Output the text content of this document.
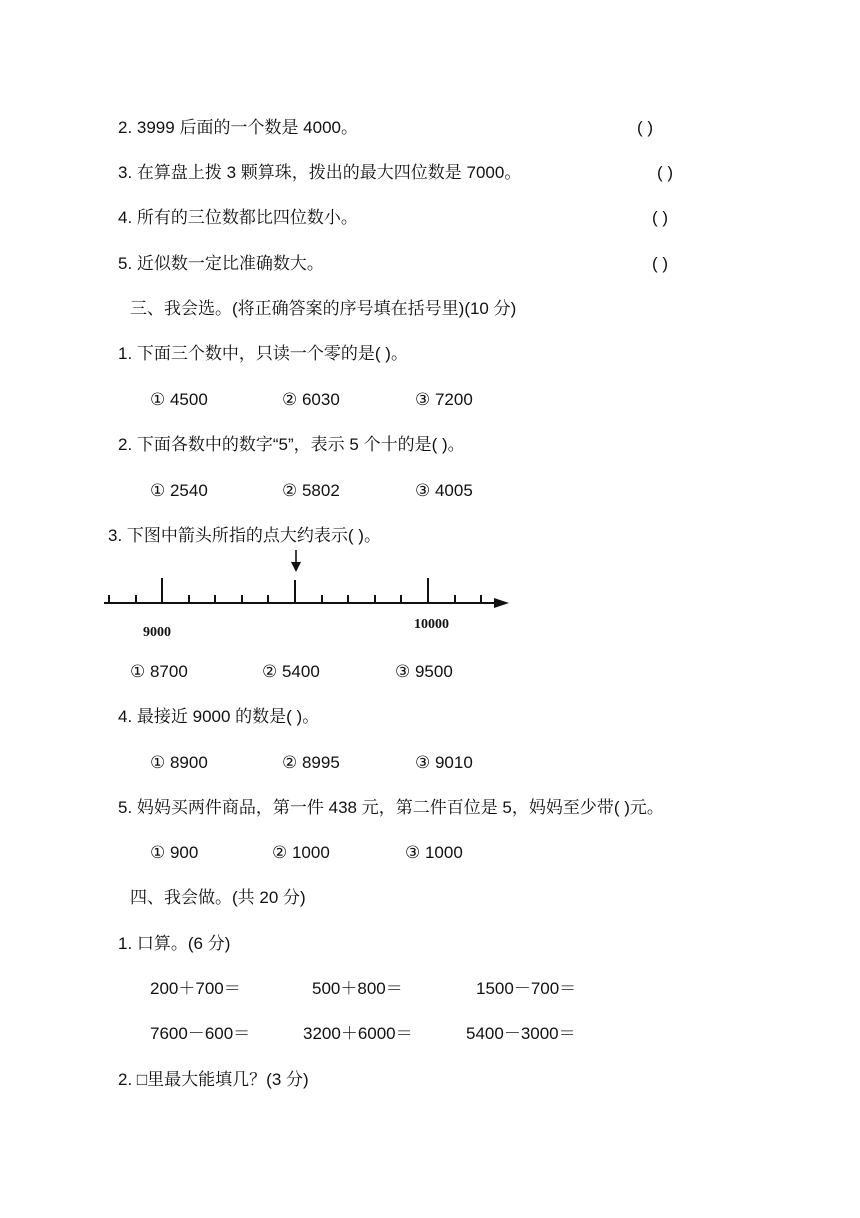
2. 3999 后面的一个数是 4000。	( )
3. 在算盘上拨 3 颗算珠，拨出的最大四位数是 7000。	( )
4. 所有的三位数都比四位数小。	( )
5. 近似数一定比准确数大。	( )
三、我会选。(将正确答案的序号填在括号里)(10 分)
1. 下面三个数中，只读一个零的是( )。
① 4500	② 6030	③ 7200
2. 下面各数中的数字“5”，表示 5 个十的是( )。
① 2540	② 5802	③ 4005
3. 下图中箭头所指的点大约表示( )。
9000
10000
① 8700	② 5400	③ 9500
4. 最接近 9000 的数是( )。
① 8900	② 8995	③ 9010
5. 妈妈买两件商品，第一件 438 元，第二件百位是 5，妈妈至少带( )元。
① 900	② 1000	③ 1000
四、我会做。(共 20 分)
1. 口算。(6 分)
200＋700＝	500＋800＝	1500－700＝
7600－600＝	3200＋6000＝	5400－3000＝
2. □里最大能填几？(3 分)
